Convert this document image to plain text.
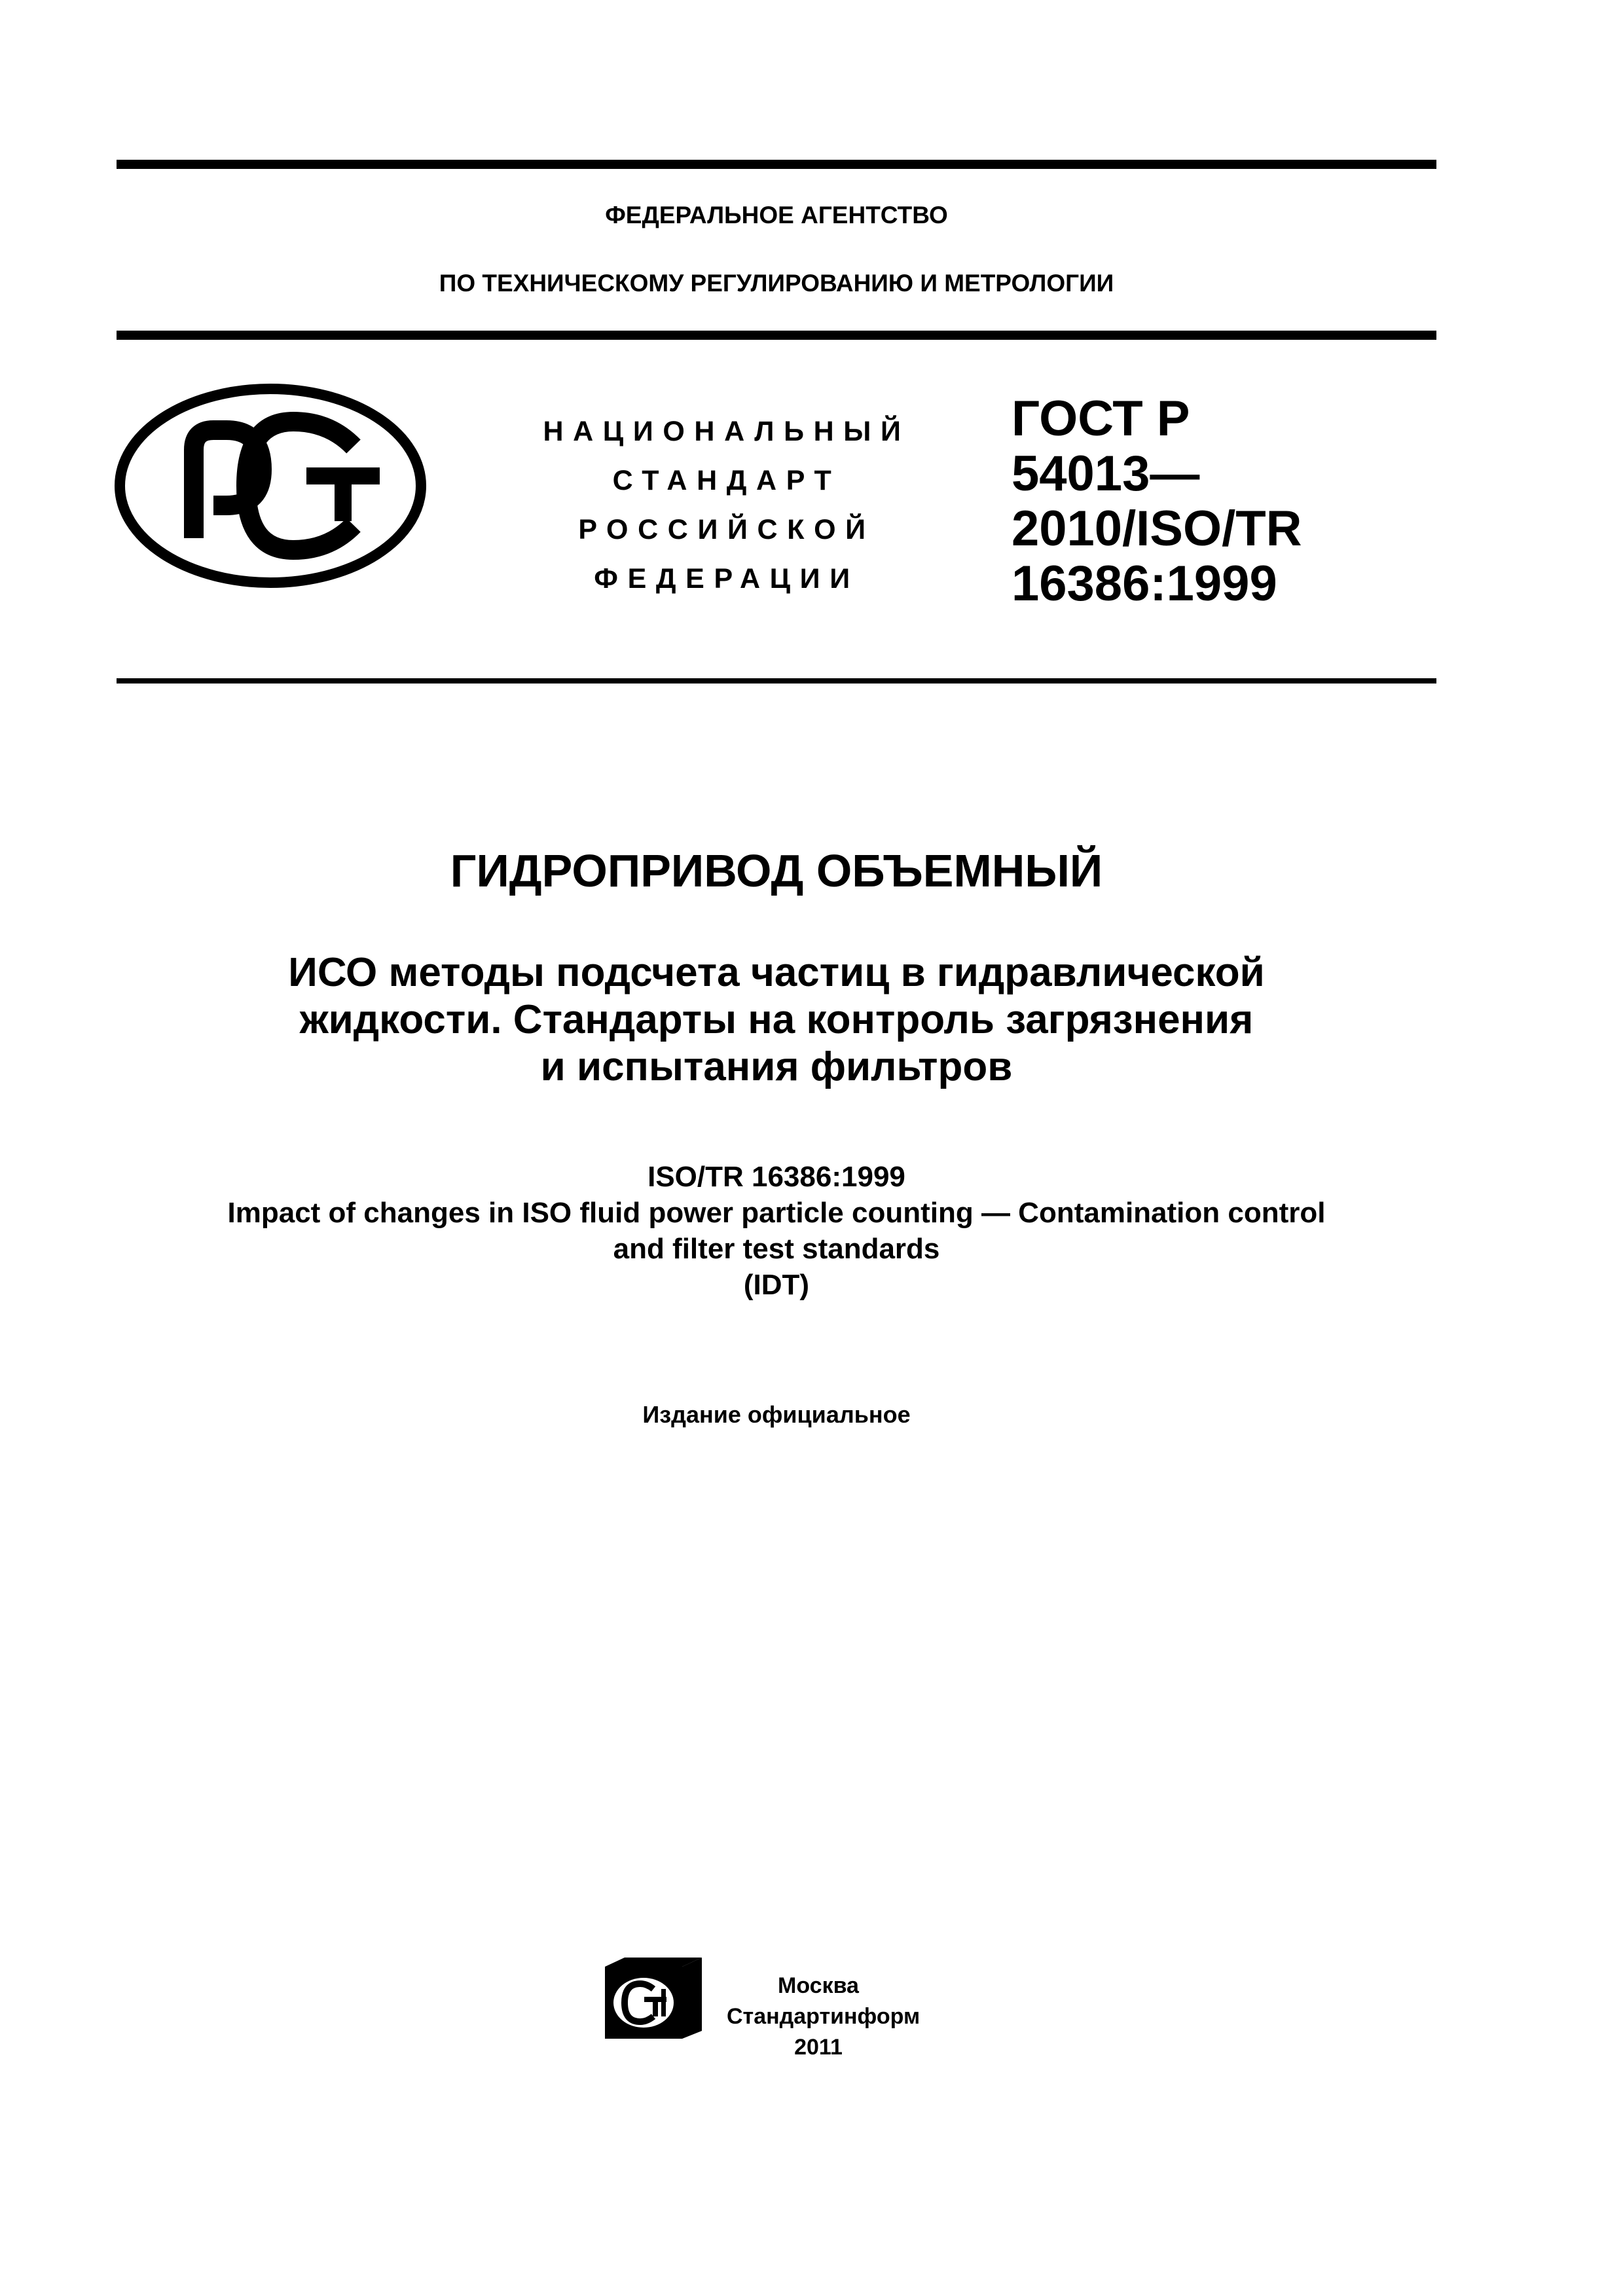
ФЕДЕРАЛЬНОЕ АГЕНТСТВО
ПО ТЕХНИЧЕСКОМУ РЕГУЛИРОВАНИЮ И МЕТРОЛОГИИ
НАЦИОНАЛЬНЫЙ
СТАНДАРТ
РОССИЙСКОЙ
ФЕДЕРАЦИИ
ГОСТ Р
54013—
2010/ISO/TR
16386:1999
ГИДРОПРИВОД ОБЪЕМНЫЙ
ИСО методы подсчета частиц в гидравлической
жидкости. Стандарты на контроль загрязнения
и испытания фильтров
ISO/TR 16386:1999
Impact of changes in ISO fluid power particle counting — Contamination control
and filter test standards
(IDT)
Издание официальное
Москва
Стандартинформ
2011
